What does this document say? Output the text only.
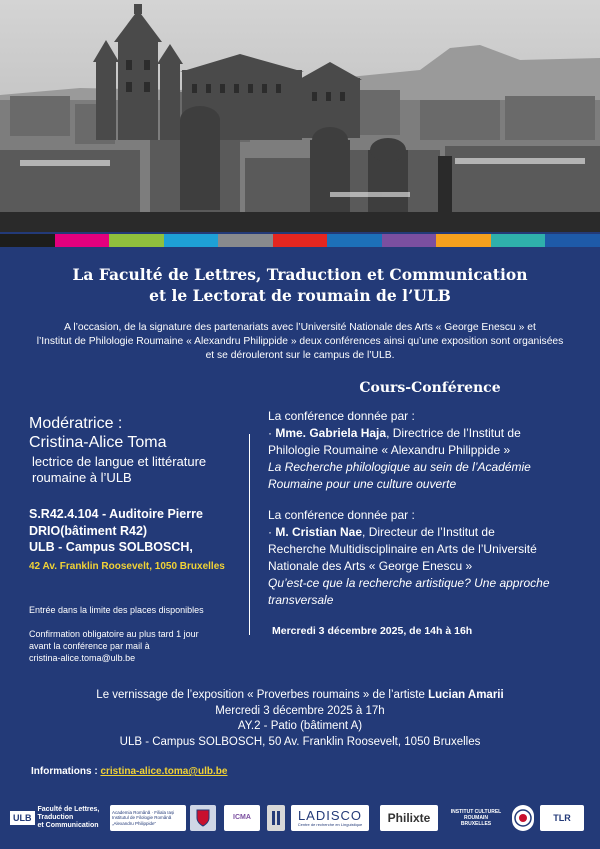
La Faculté de Lettres, Traduction et Communication
et le Lectorat de roumain de l’ULB
A l’occasion, de la signature des partenariats avec l’Université Nationale des Arts « George Enescu » et
l’Institut de Philologie Roumaine « Alexandru Philippide » deux conférences ainsi qu’une exposition sont organisées
et se dérouleront sur le campus de l’ULB.
Modératrice :
Cristina-Alice Toma
lectrice de langue et littérature
roumaine à l’ULB
S.R42.4.104 - Auditoire Pierre
DRIO(bâtiment R42)
ULB - Campus SOLBOSCH,
42 Av. Franklin Roosevelt, 1050 Bruxelles
Entrée dans la limite des places disponibles
Confirmation obligatoire au plus tard 1 jour
avant la conférence par mail à
cristina-alice.toma@ulb.be
Cours-Conférence
La conférence donnée par :
· Mme. Gabriela Haja, Directrice de l’Institut de
Philologie Roumaine « Alexandru Philippide »
La Recherche philologique au sein de l’Académie
Roumaine pour une culture ouverte
La conférence donnée par :
· M. Cristian Nae, Directeur de l’Institut de
Recherche Multidisciplinaire en Arts de l’Université
Nationale des Arts « George Enescu »
Qu’est-ce que la recherche artistique? Une approche
transversale
Mercredi 3 décembre 2025, de 14h à 16h
Le vernissage de l’exposition « Proverbes roumains » de l’artiste Lucian Amarii
Mercredi 3 décembre 2025 à 17h
AY.2 - Patio (bâtiment A)
ULB - Campus SOLBOSCH, 50 Av. Franklin Roosevelt, 1050 Bruxelles
Informations : cristina-alice.toma@ulb.be
ULB
Faculté de Lettres,
Traduction
et Communication
Academia Română · Filiala Iași Institutul de Filologie Română „Alexandru Philippide”
ICMA	LADISCO
Centre de recherche en Linguistique Philixte	INSTITUT CULTUREL
ROUMAIN
BRUXELLES
TLR
